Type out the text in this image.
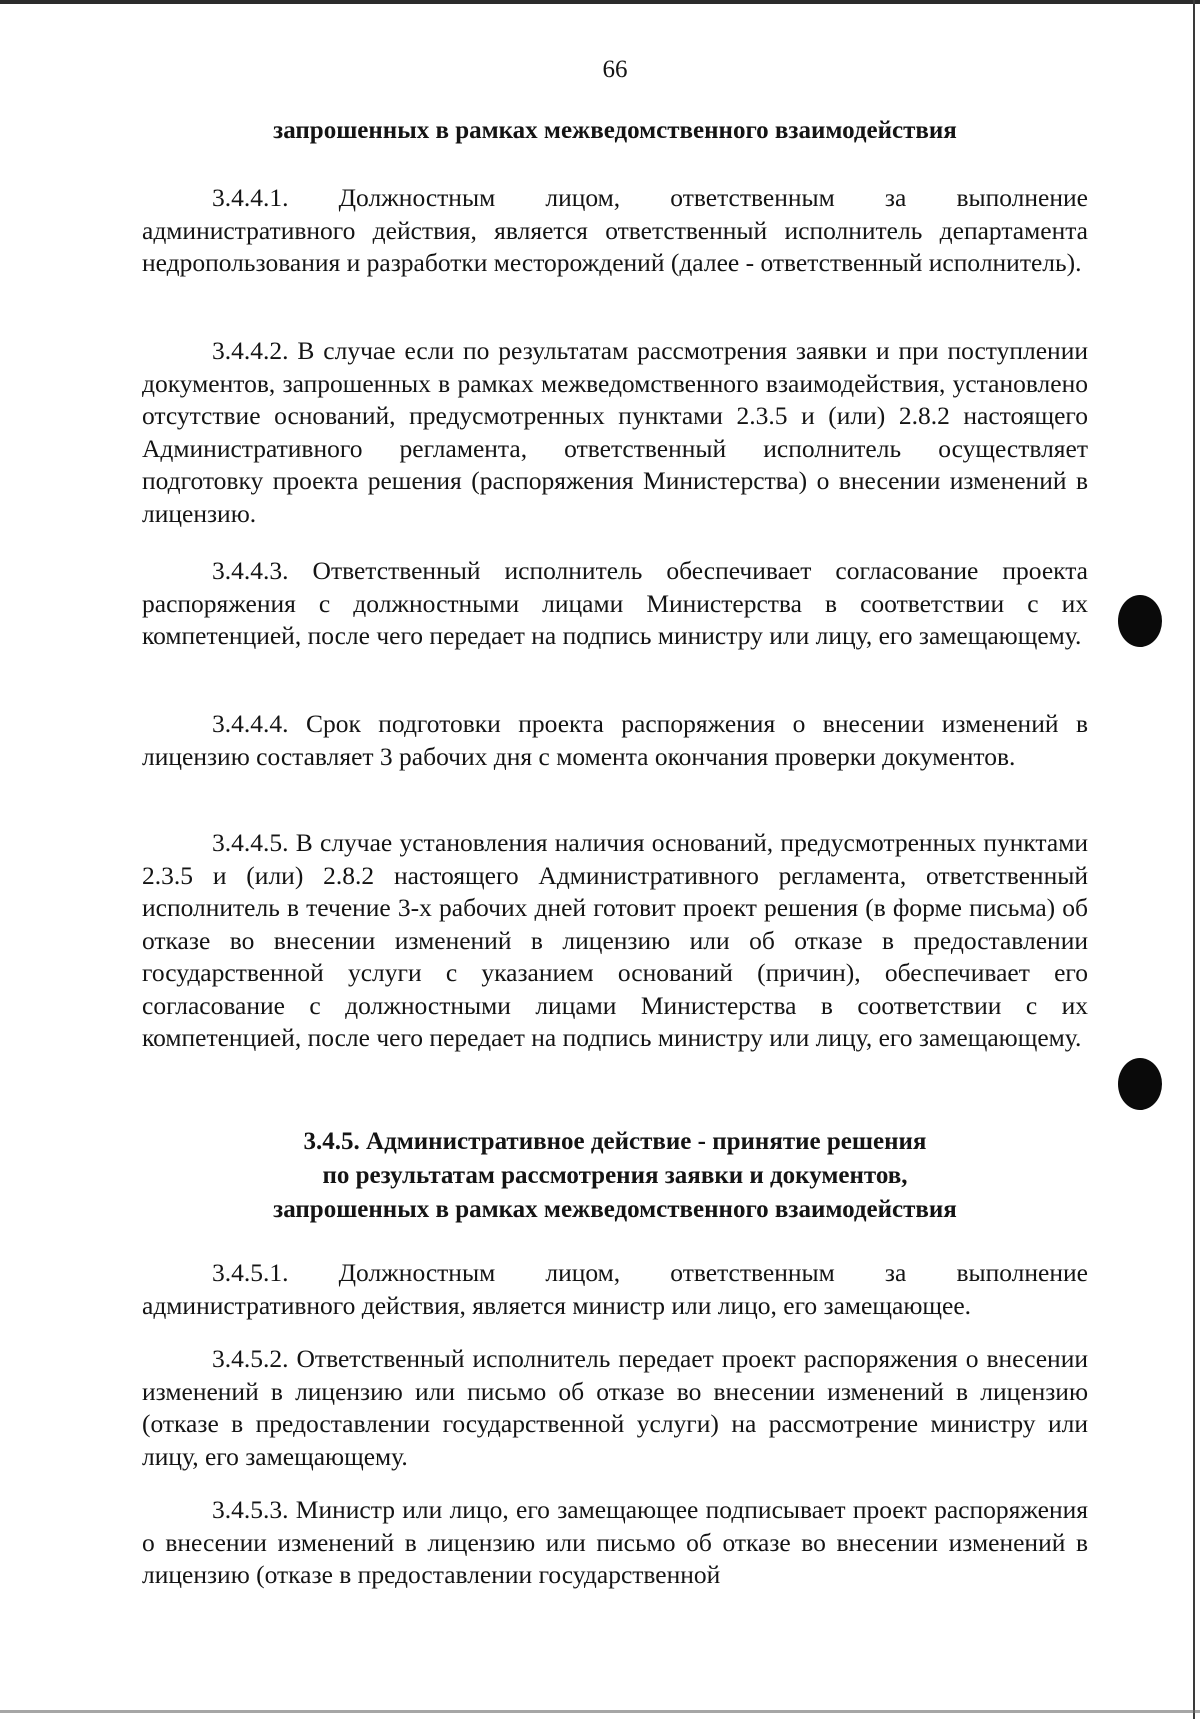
66
запрошенных в рамках межведомственного взаимодействия

3.4.4.1. Должностным лицом, ответственным за выполнение административного действия, является ответственный исполнитель департамента недропользования и разработки месторождений (далее - ответственный исполнитель).

3.4.4.2. В случае если по результатам рассмотрения заявки и при поступлении документов, запрошенных в рамках межведомственного взаимодействия, установлено отсутствие оснований, предусмотренных пунктами 2.3.5 и (или) 2.8.2 настоящего Административного регламента, ответственный исполнитель осуществляет подготовку проекта решения (распоряжения Министерства) о внесении изменений в лицензию.

3.4.4.3. Ответственный исполнитель обеспечивает согласование проекта распоряжения с должностными лицами Министерства в соответствии с их компетенцией, после чего передает на подпись министру или лицу, его замещающему.

3.4.4.4. Срок подготовки проекта распоряжения о внесении изменений в лицензию составляет 3 рабочих дня с момента окончания проверки документов.

3.4.4.5. В случае установления наличия оснований, предусмотренных пунктами 2.3.5 и (или) 2.8.2 настоящего Административного регламента, ответственный исполнитель в течение 3-х рабочих дней готовит проект решения (в форме письма) об отказе во внесении изменений в лицензию или об отказе в предоставлении государственной услуги с указанием оснований (причин), обеспечивает его согласование с должностными лицами Министерства в соответствии с их компетенцией, после чего передает на подпись министру или лицу, его замещающему.

3.4.5. Административное действие - принятие решения
по результатам рассмотрения заявки и документов,
запрошенных в рамках межведомственного взаимодействия

3.4.5.1. Должностным лицом, ответственным за выполнение административного действия, является министр или лицо, его замещающее.

3.4.5.2. Ответственный исполнитель передает проект распоряжения о внесении изменений в лицензию или письмо об отказе во внесении изменений в лицензию (отказе в предоставлении государственной услуги) на рассмотрение министру или лицу, его замещающему.

3.4.5.3. Министр или лицо, его замещающее подписывает проект распоряжения о внесении изменений в лицензию или письмо об отказе во внесении изменений в лицензию (отказе в предоставлении государственной
